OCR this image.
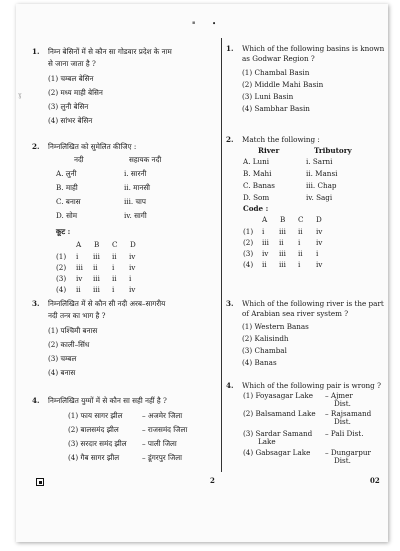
•
▪
1. निम्न बेसिनों में से कौन सा गोडवार प्रदेश के नाम
से जाना जाता है ?
(1) चम्बल बेसिन
(2) मध्य माही बेसिन
(3) लुनी बेसिन
(4) सांभर बेसिन
ɣ
1. Which of the following basins is known
as Godwar Region ?
(1) Chambal Basin
(2) Middle Mahi Basin
(3) Luni Basin
(4) Sambhar Basin
2. निम्नलिखित को सुमेलित कीजिए :
नदी	सहायक नदी
A. लुनी	i. सारनी
B. माही	ii. मानसी
C. बनास	iii. चाप
D. सोम	iv. सागी
कूट :
A B C D
(1) i iii ii iv
(2) iii ii i iv
(3) iv iii ii i
(4) ii iii i iv
2. Match the following :
River	Tributory
A. Luni	i. Sarni
B. Mahi	ii. Mansi
C. Banas	iii. Chap
D. Som	iv. Sagi
Code :
A B C D
(1) i iii ii iv
(2) iii ii i iv
(3) iv iii ii i
(4) ii iii i iv
3. निम्नलिखित में से कौन सी नदी अरब–सागरीय
नदी तन्त्र का भाग है ?
(1) पश्चिमी बनास
(2) काली–सिंध
(3) चम्बल
(4) बनास
3. Which of the following river is the part
of Arabian sea river system ?
(1) Western Banas
(2) Kalisindh
(3) Chambal
(4) Banas
4. निम्नलिखित युग्मों में से कौन सा सही नहीं है ?
(1) फाय सागर झील	– अजमेर जिला
(2) बालसमंद झील	– राजसमंद जिला
(3) सरदार समंद झील – पाली जिला
(4) गैब सागर झील	– डूंगरपुर जिला
4. Which of the following pair is wrong ?
(1) Foyasagar Lake – Ajmer
Dist.
(2) Balsamand Lake – Rajsamand
Dist.
(3) Sardar Samand
Lake
– Pali Dist.
(4) Gabsagar Lake – Dungarpur
Dist.
2	02
